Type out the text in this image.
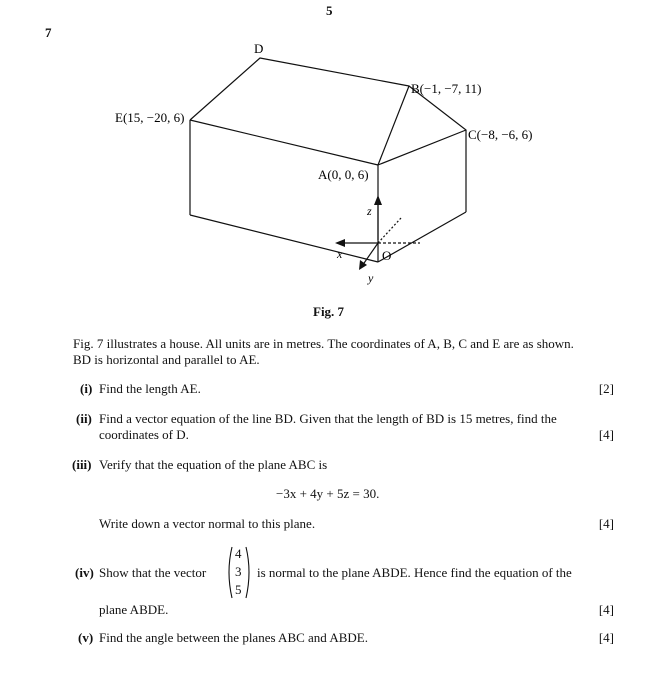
5
7
D
B(−1, −7, 11)
E(15, −20, 6)
C(−8, −6, 6)
A(0, 0, 6)
z
x	O
y
Fig. 7
Fig. 7 illustrates a house. All units are in metres. The coordinates of A, B, C and E are as shown.
BD is horizontal and parallel to AE.
(i) Find the length AE.	[2]
(ii) Find a vector equation of the line BD. Given that the length of BD is 15 metres, find the
coordinates of D.	[4]
(iii) Verify that the equation of the plane ABC is
−3x + 4y + 5z = 30.
Write down a vector normal to this plane.	[4]
(iv) Show that the vector
4
3
5
is normal to the plane ABDE. Hence find the equation of the
plane ABDE.	[4]
(v) Find the angle between the planes ABC and ABDE.	[4]
